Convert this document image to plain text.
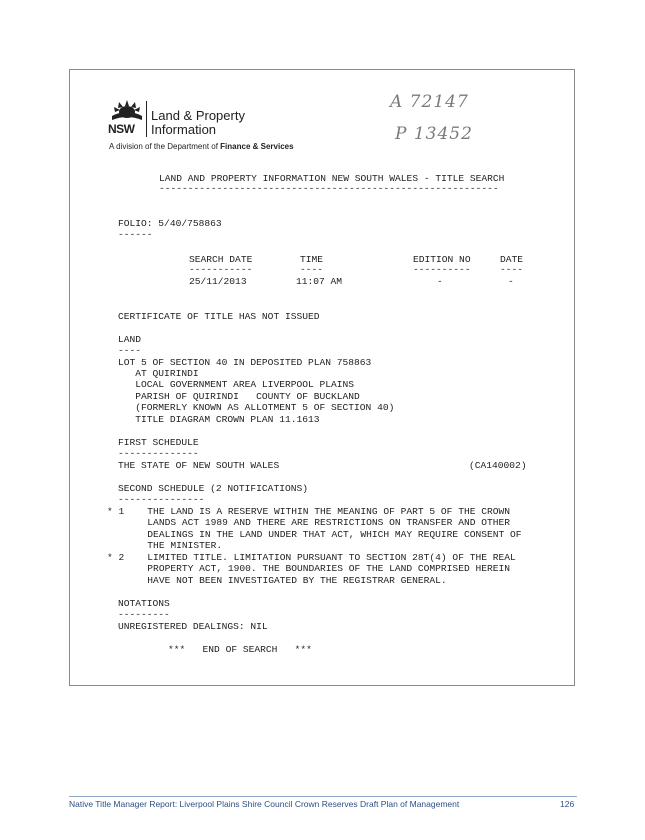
NSW
Land & Property
Information
A division of the Department of Finance & Services
A 72147
P 13452
LAND AND PROPERTY INFORMATION NEW SOUTH WALES - TITLE SEARCH
-----------------------------------------------------------
FOLIO: 5/40/758863
------
SEARCH DATE	TIME	EDITION NO	DATE
-----------	----	----------	----
25/11/2013	11:07 AM	-	-
CERTIFICATE OF TITLE HAS NOT ISSUED
LAND
----
LOT 5 OF SECTION 40 IN DEPOSITED PLAN 758863
AT QUIRINDI
LOCAL GOVERNMENT AREA LIVERPOOL PLAINS
PARISH OF QUIRINDI   COUNTY OF BUCKLAND
(FORMERLY KNOWN AS ALLOTMENT 5 OF SECTION 40)
TITLE DIAGRAM CROWN PLAN 11.1613
FIRST SCHEDULE
--------------
THE STATE OF NEW SOUTH WALES	(CA140002)
SECOND SCHEDULE (2 NOTIFICATIONS)
---------------
* 1    THE LAND IS A RESERVE WITHIN THE MEANING OF PART 5 OF THE CROWN
LANDS ACT 1989 AND THERE ARE RESTRICTIONS ON TRANSFER AND OTHER
DEALINGS IN THE LAND UNDER THAT ACT, WHICH MAY REQUIRE CONSENT OF
THE MINISTER.
* 2    LIMITED TITLE. LIMITATION PURSUANT TO SECTION 28T(4) OF THE REAL
PROPERTY ACT, 1900. THE BOUNDARIES OF THE LAND COMPRISED HEREIN
HAVE NOT BEEN INVESTIGATED BY THE REGISTRAR GENERAL.
NOTATIONS
---------
UNREGISTERED DEALINGS: NIL
***   END OF SEARCH   ***
Native Title Manager Report: Liverpool Plains Shire Council Crown Reserves Draft Plan of Management	126
